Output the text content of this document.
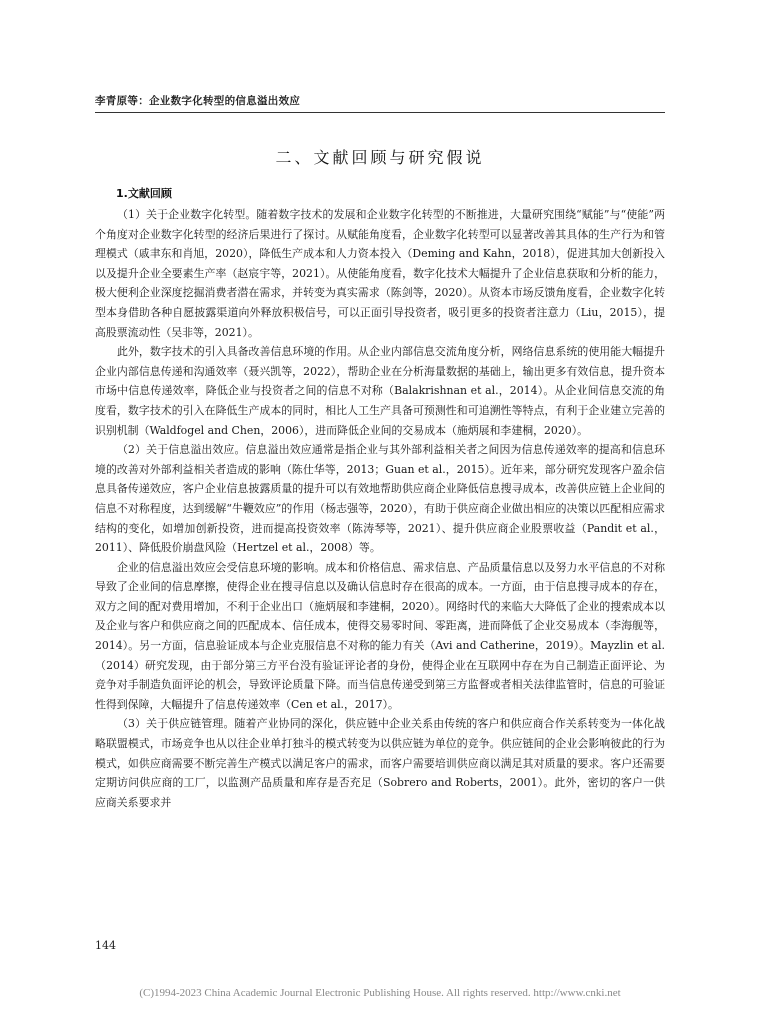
李青原等：企业数字化转型的信息溢出效应
二、文献回顾与研究假说
1.文献回顾

（1）关于企业数字化转型。随着数字技术的发展和企业数字化转型的不断推进，大量研究围绕“赋能”与“使能”两个角度对企业数字化转型的经济后果进行了探讨。从赋能角度看，企业数字化转型可以显著改善其具体的生产行为和管理模式（戚聿东和肖旭，2020），降低生产成本和人力资本投入（Deming and Kahn，2018），促进其加大创新投入以及提升企业全要素生产率（赵宸宇等，2021）。从使能角度看，数字化技术大幅提升了企业信息获取和分析的能力，极大便利企业深度挖掘消费者潜在需求，并转变为真实需求（陈剑等，2020）。从资本市场反馈角度看，企业数字化转型本身借助各种自愿披露渠道向外释放积极信号，可以正面引导投资者，吸引更多的投资者注意力（Liu，2015），提高股票流动性（吴非等，2021）。

此外，数字技术的引入具备改善信息环境的作用。从企业内部信息交流角度分析，网络信息系统的使用能大幅提升企业内部信息传递和沟通效率（聂兴凯等，2022），帮助企业在分析海量数据的基础上，输出更多有效信息，提升资本市场中信息传递效率，降低企业与投资者之间的信息不对称（Balakrishnan et al.，2014）。从企业间信息交流的角度看，数字技术的引入在降低生产成本的同时，相比人工生产具备可预测性和可追溯性等特点，有利于企业建立完善的识别机制（Waldfogel and Chen，2006），进而降低企业间的交易成本（施炳展和李建桐，2020）。

（2）关于信息溢出效应。信息溢出效应通常是指企业与其外部利益相关者之间因为信息传递效率的提高和信息环境的改善对外部利益相关者造成的影响（陈仕华等，2013；Guan et al.，2015）。近年来，部分研究发现客户盈余信息具备传递效应，客户企业信息披露质量的提升可以有效地帮助供应商企业降低信息搜寻成本，改善供应链上企业间的信息不对称程度，达到缓解“牛鞭效应”的作用（杨志强等，2020），有助于供应商企业做出相应的决策以匹配相应需求结构的变化，如增加创新投资，进而提高投资效率（陈涛琴等，2021）、提升供应商企业股票收益（Pandit et al.，2011）、降低股价崩盘风险（Hertzel et al.，2008）等。

企业的信息溢出效应会受信息环境的影响。成本和价格信息、需求信息、产品质量信息以及努力水平信息的不对称导致了企业间的信息摩擦，使得企业在搜寻信息以及确认信息时存在很高的成本。一方面，由于信息搜寻成本的存在，双方之间的配对费用增加，不利于企业出口（施炳展和李建桐，2020）。网络时代的来临大大降低了企业的搜索成本以及企业与客户和供应商之间的匹配成本、信任成本，使得交易零时间、零距离，进而降低了企业交易成本（李海舰等，2014）。另一方面，信息验证成本与企业克服信息不对称的能力有关（Avi and Catherine，2019）。Mayzlin et al.（2014）研究发现，由于部分第三方平台没有验证评论者的身份，使得企业在互联网中存在为自己制造正面评论、为竞争对手制造负面评论的机会，导致评论质量下降。而当信息传递受到第三方监督或者相关法律监管时，信息的可验证性得到保障，大幅提升了信息传递效率（Cen et al.，2017）。

（3）关于供应链管理。随着产业协同的深化，供应链中企业关系由传统的客户和供应商合作关系转变为一体化战略联盟模式，市场竞争也从以往企业单打独斗的模式转变为以供应链为单位的竞争。供应链间的企业会影响彼此的行为模式，如供应商需要不断完善生产模式以满足客户的需求，而客户需要培训供应商以满足其对质量的要求。客户还需要定期访问供应商的工厂，以监测产品质量和库存是否充足（Sobrero and Roberts，2001）。此外，密切的客户一供应商关系要求并

144
(C)1994-2023 China Academic Journal Electronic Publishing House. All rights reserved. http://www.cnki.net
